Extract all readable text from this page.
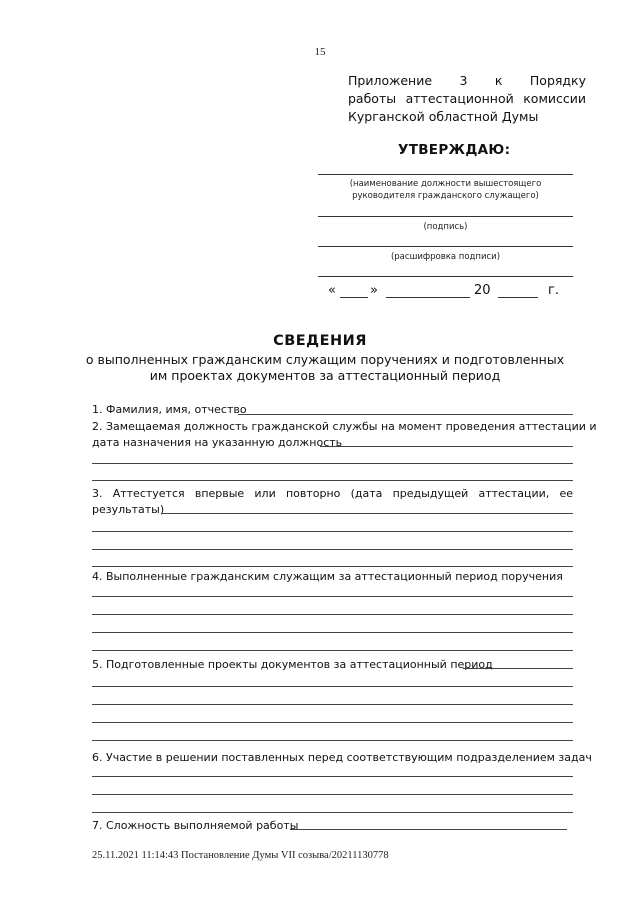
15
Приложение 3 к Порядку
работы аттестационной комиссии
Курганской областной Думы
УТВЕРЖДАЮ:
(наименование должности вышестоящего
руководителя гражданского служащего)
(подпись)
(расшифровка подписи)
«	»	20	г.
СВЕДЕНИЯ
о выполненных гражданским служащим поручениях и подготовленных
им проектах документов за аттестационный период
1. Фамилия, имя, отчество
2. Замещаемая должность гражданской службы на момент проведения аттестации и
дата назначения на указанную должность
3. Аттестуется впервые или повторно (дата предыдущей аттестации, ее
результаты)
4. Выполненные гражданским служащим за аттестационный период поручения
5. Подготовленные проекты документов за аттестационный период
6. Участие в решении поставленных перед соответствующим подразделением задач
7. Сложность выполняемой работы
25.11.2021 11:14:43 Постановление Думы VII созыва/20211130778
